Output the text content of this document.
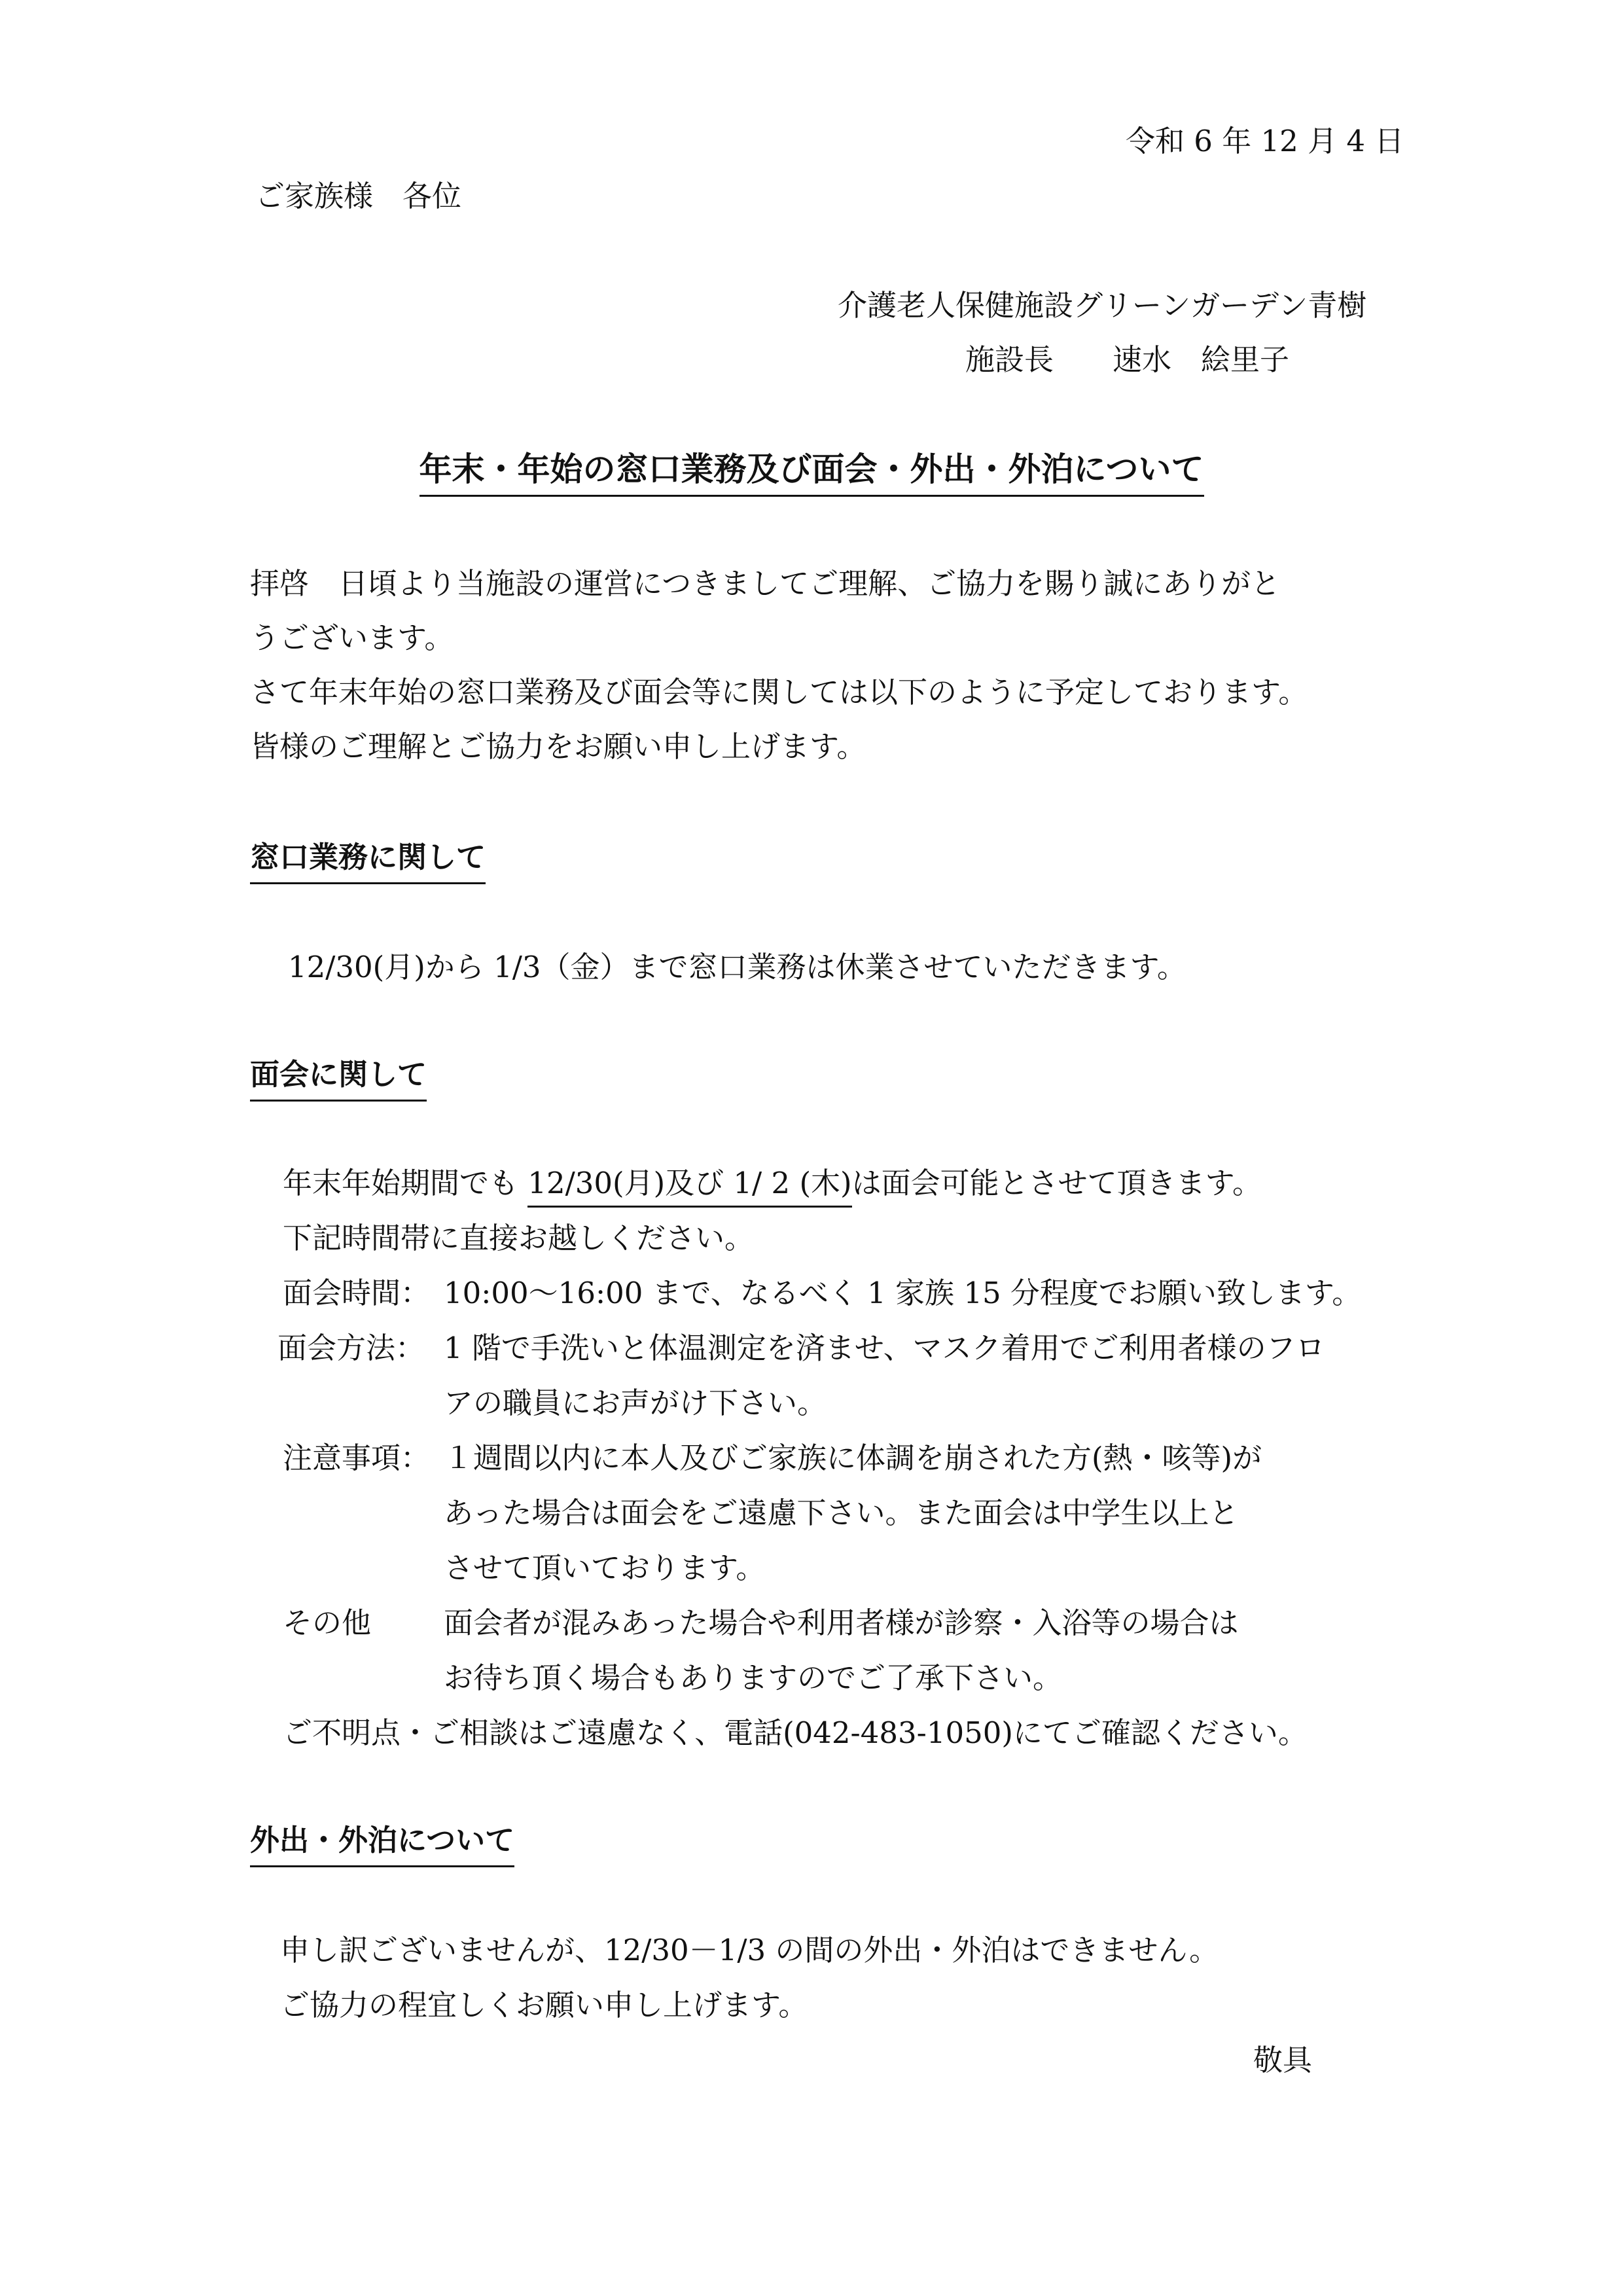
令和 6 年 12 月 4 日

ご家族様　各位

介護老人保健施設グリーンガーデン青樹

施設長　　速水　絵里子

年末・年始の窓口業務及び面会・外出・外泊について

拝啓　日頃より当施設の運営につきましてご理解、ご協力を賜り誠にありがと

うございます。

さて年末年始の窓口業務及び面会等に関しては以下のように予定しております。

皆様のご理解とご協力をお願い申し上げます。

窓口業務に関して

12/30(月)から 1/3（金）まで窓口業務は休業させていただきます。

面会に関して

年末年始期間でも 12/30(月)及び 1/ 2 (木)は面会可能とさせて頂きます。

下記時間帯に直接お越しください。

面会時間： 10:00〜16:00 まで、なるべく 1 家族 15 分程度でお願い致します。

面会方法： 1 階で手洗いと体温測定を済ませ、マスク着用でご利用者様のフロ

アの職員にお声がけ下さい。

注意事項： １週間以内に本人及びご家族に体調を崩された方(熱・咳等)が

あった場合は面会をご遠慮下さい。また面会は中学生以上と

させて頂いております。

その他 面会者が混みあった場合や利用者様が診察・入浴等の場合は

お待ち頂く場合もありますのでご了承下さい。

ご不明点・ご相談はご遠慮なく、電話(042-483-1050)にてご確認ください。

外出・外泊について

申し訳ございませんが、12/30－1/3 の間の外出・外泊はできません。

ご協力の程宜しくお願い申し上げます。

敬具
